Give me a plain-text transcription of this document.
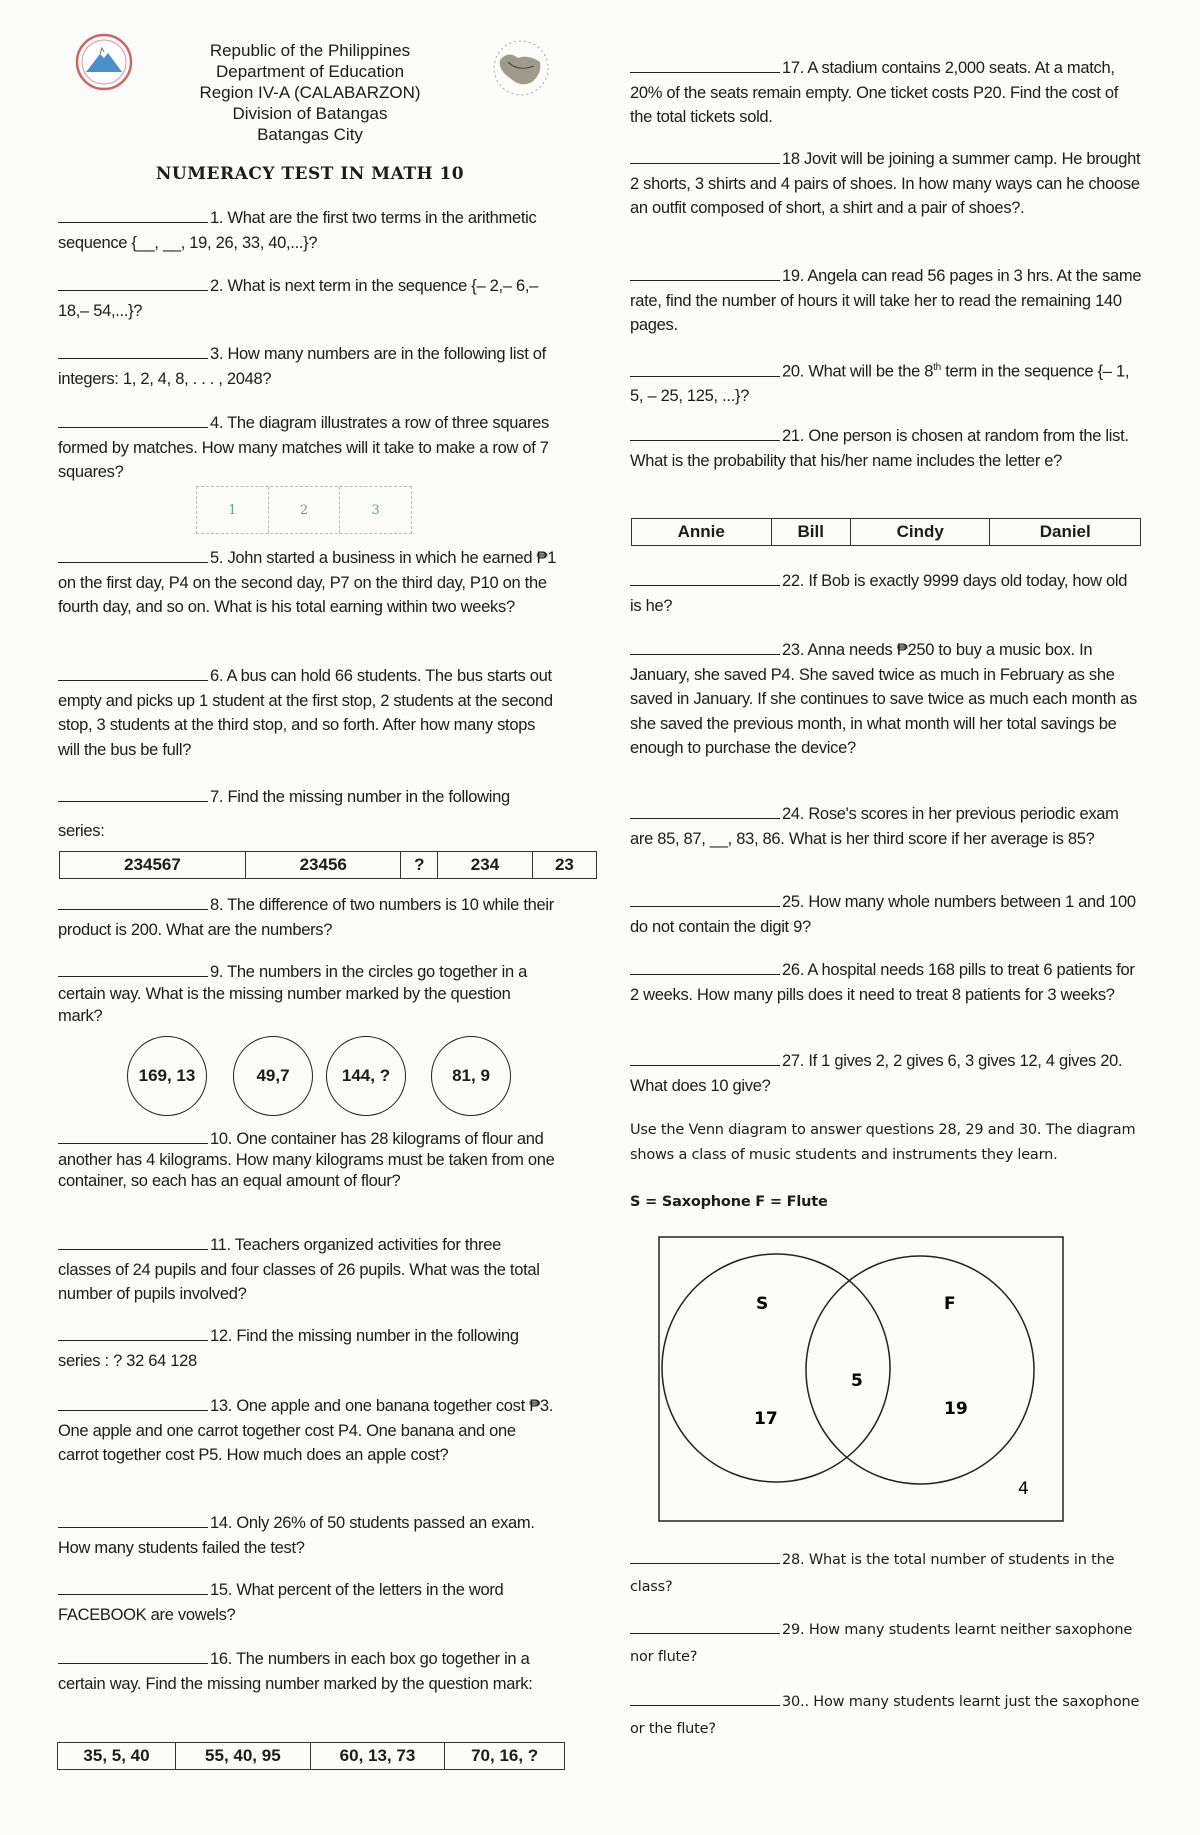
Republic of the Philippines
Department of Education
Region IV-A (CALABARZON)
Division of Batangas
Batangas City
NUMERACY TEST IN MATH 10
1. What are the first two terms in the arithmetic sequence {__, __, 19, 26, 33, 40,...}?
2. What is next term in the sequence {– 2,– 6,– 18,– 54,...}?
3. How many numbers are in the following list of integers: 1, 2, 4, 8, . . . , 2048?
4. The diagram illustrates a row of three squares formed by matches. How many matches will it take to make a row of 7 squares?
1	2	3
5. John started a business in which he earned ₱1 on the first day, P4 on the second day, P7 on the third day, P10 on the fourth day, and so on. What is his total earning within two weeks?
6. A bus can hold 66 students. The bus starts out empty and picks up 1 student at the first stop, 2 students at the second stop, 3 students at the third stop, and so forth. After how many stops will the bus be full?
7. Find the missing number in the following series:
234567	23456	?	234	23
8. The difference of two numbers is 10 while their product is 200. What are the numbers?
9. The numbers in the circles go together in a certain way. What is the missing number marked by the question mark?
169, 13	49,7	144, ?	81, 9
10. One container has 28 kilograms of flour and another has 4 kilograms. How many kilograms must be taken from one container, so each has an equal amount of flour?
11. Teachers organized activities for three classes of 24 pupils and four classes of 26 pupils. What was the total number of pupils involved?
12. Find the missing number in the following series : ? 32 64 128
13. One apple and one banana together cost ₱3. One apple and one carrot together cost P4. One banana and one carrot together cost P5. How much does an apple cost?
14. Only 26% of 50 students passed an exam. How many students failed the test?
15. What percent of the letters in the word FACEBOOK are vowels?
16. The numbers in each box go together in a certain way. Find the missing number marked by the question mark:
35, 5, 40	55, 40, 95	60, 13, 73	70, 16, ?
17. A stadium contains 2,000 seats. At a match, 20% of the seats remain empty. One ticket costs P20. Find the cost of the total tickets sold.
18 Jovit will be joining a summer camp. He brought 2 shorts, 3 shirts and 4 pairs of shoes. In how many ways can he choose an outfit composed of short, a shirt and a pair of shoes?.
19. Angela can read 56 pages in 3 hrs. At the same rate, find the number of hours it will take her to read the remaining 140 pages.
20. What will be the 8th term in the sequence {– 1, 5, – 25, 125, ...}?
21. One person is chosen at random from the list. What is the probability that his/her name includes the letter e?
Annie	Bill	Cindy	Daniel
22. If Bob is exactly 9999 days old today, how old is he?
23. Anna needs ₱250 to buy a music box. In January, she saved P4. She saved twice as much in February as she saved in January. If she continues to save twice as much each month as she saved the previous month, in what month will her total savings be enough to purchase the device?
24. Rose's scores in her previous periodic exam are 85, 87, __, 83, 86. What is her third score if her average is 85?
25. How many whole numbers between 1 and 100 do not contain the digit 9?
26. A hospital needs 168 pills to treat 6 patients for 2 weeks. How many pills does it need to treat 8 patients for 3 weeks?
27. If 1 gives 2, 2 gives 6, 3 gives 12, 4 gives 20. What does 10 give?
Use the Venn diagram to answer questions 28, 29 and 30. The diagram shows a class of music students and instruments they learn.
S = Saxophone F = Flute
S	F
17
5
19
4
28. What is the total number of students in the class?
29. How many students learnt neither saxophone nor flute?
30.. How many students learnt just the saxophone or the flute?
